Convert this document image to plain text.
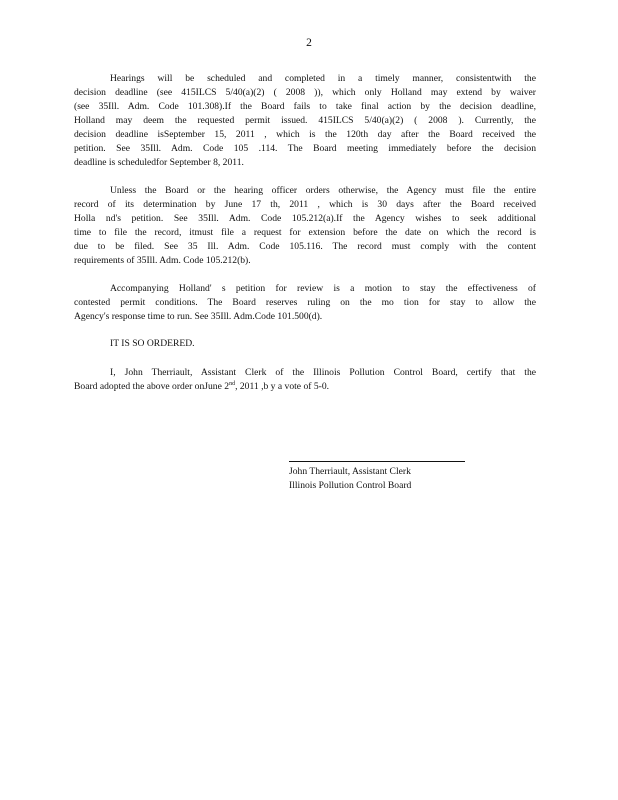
2
Hearings will be scheduled and completed in a timely manner, consistentwith the
decision deadline (see 415ILCS 5/40(a)(2) ( 2008 )), which only Holland may extend by waiver
(see 35Ill. Adm. Code 101.308).If the Board fails to take final action by the decision deadline,
Holland may deem the requested permit issued. 415ILCS 5/40(a)(2) ( 2008 ). Currently, the
decision deadline isSeptember 15, 2011 , which is the 120th day after the Board received the
petition. See 35Ill. Adm. Code 105 .114. The Board meeting immediately before the decision
deadline is scheduledfor September 8, 2011.
Unless the Board or the hearing officer orders otherwise, the Agency must file the entire
record of its determination by June 17 th, 2011 , which is 30 days after the Board received
Holla nd's petition. See 35Ill. Adm. Code 105.212(a).If the Agency wishes to seek additional
time to file the record, itmust file a request for extension before the date on which the record is
due to be filed. See 35 Ill. Adm. Code 105.116. The record must comply with the content
requirements of 35Ill. Adm. Code 105.212(b).
Accompanying Holland' s petition for review is a motion to stay the effectiveness of
contested permit conditions. The Board reserves ruling on the mo tion for stay to allow the
Agency's response time to run. See 35Ill. Adm.Code 101.500(d).
IT IS SO ORDERED.
I, John Therriault, Assistant Clerk of the Illinois Pollution Control Board, certify that the
Board adopted the above order onJune 2nd, 2011 ,b y a vote of 5-0.
John Therriault, Assistant Clerk
Illinois Pollution Control Board
